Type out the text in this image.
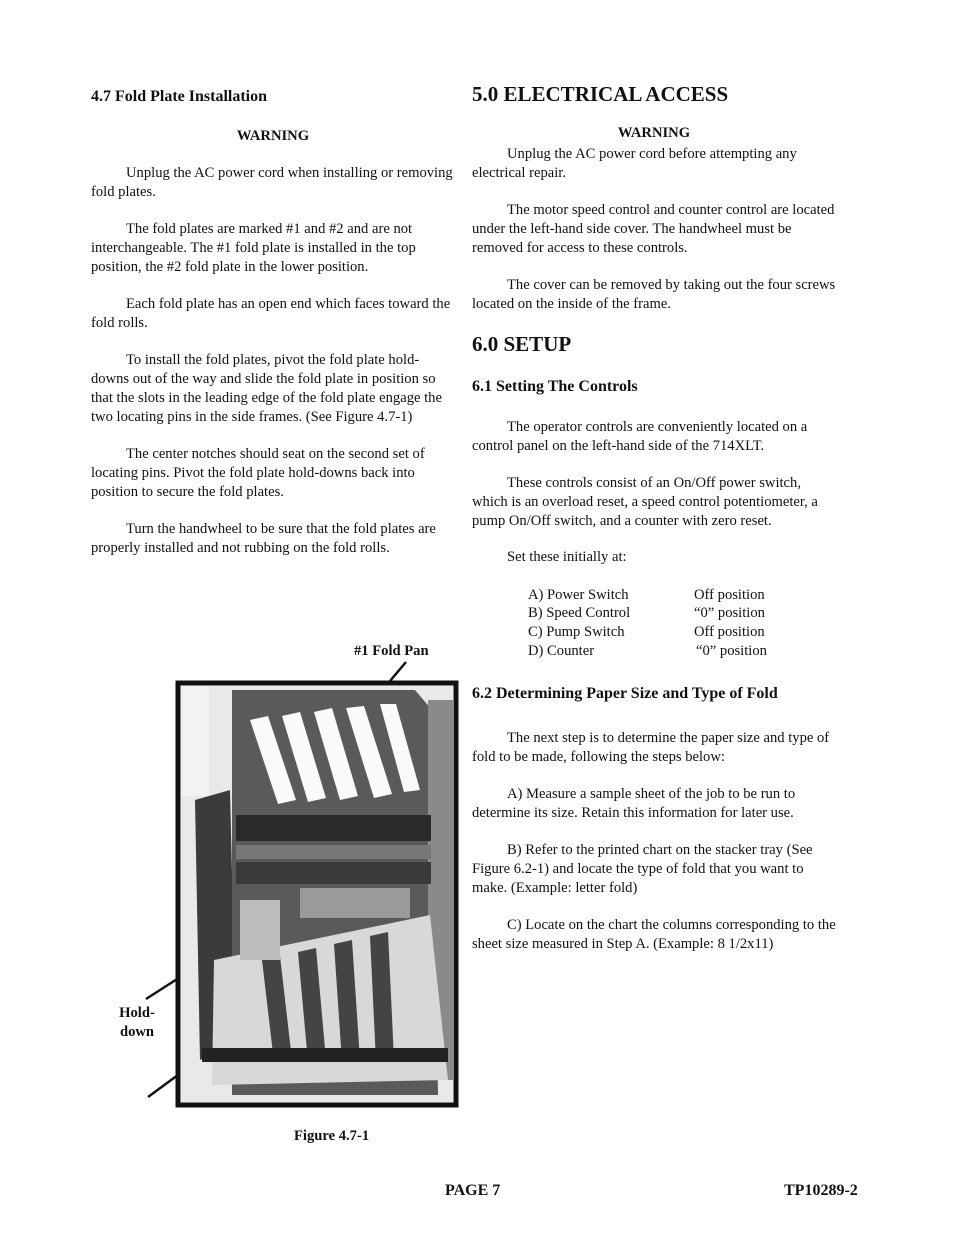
4.7 Fold Plate Installation
WARNING

Unplug the AC power cord when installing or removing fold plates.

The fold plates are marked #1 and #2 and are not interchangeable. The #1 fold plate is installed in the top position, the #2 fold plate in the lower position.

Each fold plate has an open end which faces toward the fold rolls.

To install the fold plates, pivot the fold plate hold-downs out of the way and slide the fold plate in position so that the slots in the leading edge of the fold plate engage the two locating pins in the side frames. (See Figure 4.7-1)

The center notches should seat on the second set of locating pins. Pivot the fold plate hold-downs back into position to secure the fold plates.

Turn the handwheel to be sure that the fold plates are properly installed and not rubbing on the fold rolls.

#1 Fold Pan
Hold-
down
Figure 4.7-1
5.0 ELECTRICAL ACCESS
WARNING

Unplug the AC power cord before attempting any electrical repair.

The motor speed control and counter control are located under the left-hand side cover. The handwheel must be removed for access to these controls.

The cover can be removed by taking out the four screws located on the inside of the frame.

6.0 SETUP
6.1 Setting The Controls

The operator controls are conveniently located on a control panel on the left-hand side of the 714XLT.

These controls consist of an On/Off power switch, which is an overload reset, a speed control potentiometer, a pump On/Off switch, and a counter with zero reset.

Set these initially at:
A) Power Switch	Off position
B) Speed Control	“0” position
C) Pump Switch	Off position
D) Counter	“0” position
6.2 Determining Paper Size and Type of Fold

The next step is to determine the paper size and type of fold to be made, following the steps below:

A) Measure a sample sheet of the job to be run to determine its size. Retain this information for later use.

B) Refer to the printed chart on the stacker tray (See Figure 6.2-1) and locate the type of fold that you want to make. (Example: letter fold)

C) Locate on the chart the columns corresponding to the sheet size measured in Step A. (Example: 8 1/2x11)

PAGE 7	TP10289-2
